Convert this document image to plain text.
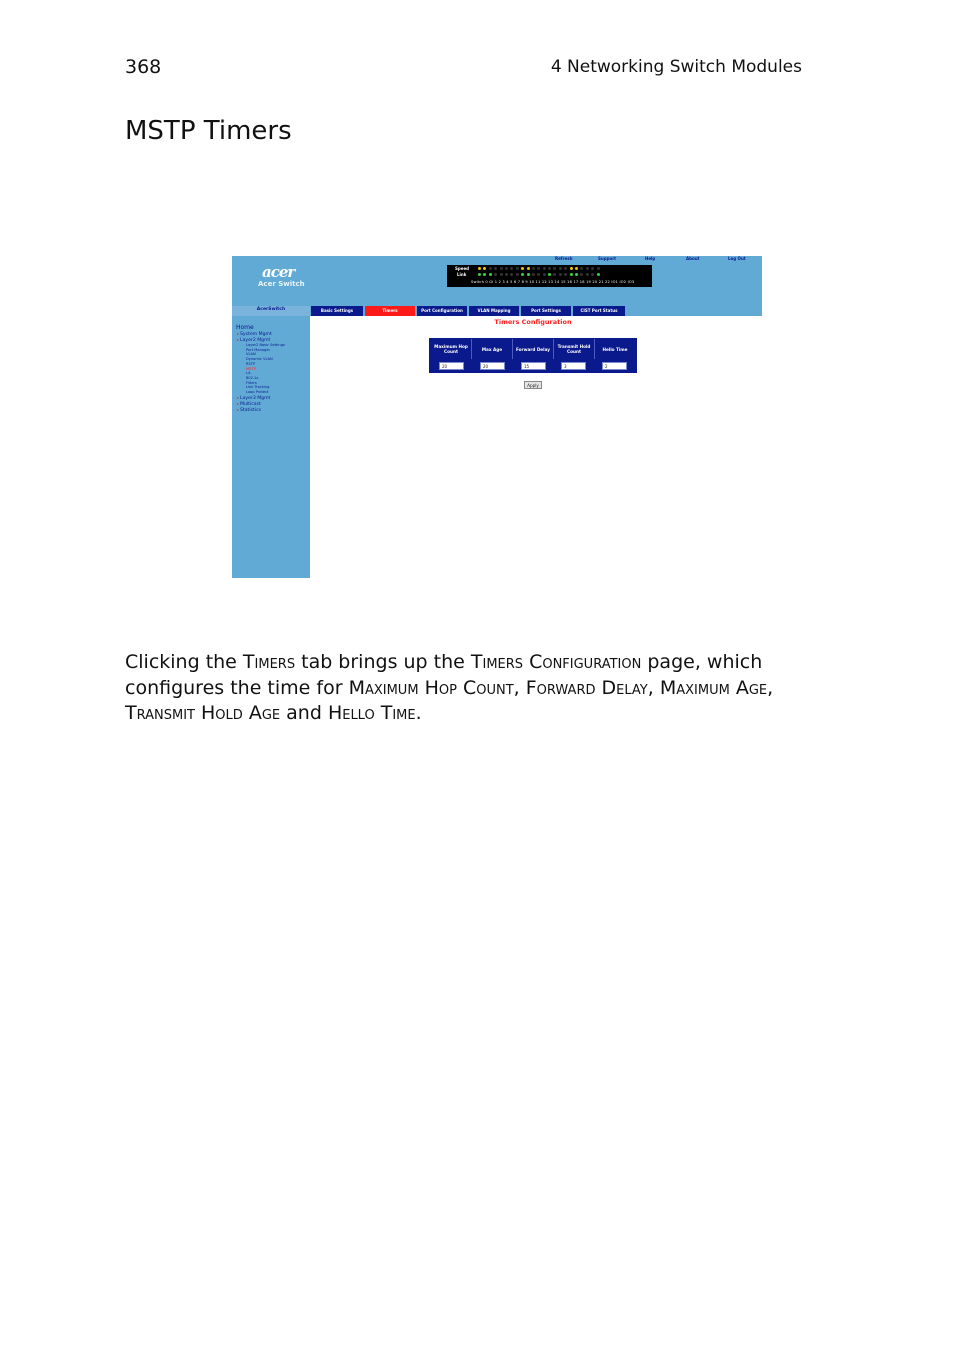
368	4 Networking Switch Modules
MSTP Timers
acer
Acer Switch
Refresh	Support	Help	About	Log Out
Speed
Link
Switch 0 Gi 1 2 3 4 5 6 7 8 9 10 11 12 13 14 15 16 17 18 19 20 21 22 IO1 IO2 IO3
AcerSwitch
Home
▸System Mgmt
▸Layer2 Mgmt
Layer2 Basic Settings
Port Manager
VLAN
Dynamic VLAN
RSTP
MSTP
LA
802.1x
Filters
Link Tracking
Loop Protect
▸Layer3 Mgmt
▸Multicast
▸Statistics
Basic Settings	Timers	Port Configuration	VLAN Mapping	Port Settings	CIST Port Status
Timers Configuration
Maximum Hop Count	Max Age	Forward Delay	Transmit Hold Count	Hello Time
20	20	15	3	2
Apply

Clicking the Timers tab brings up the Timers Configuration page, which configures the time for Maximum Hop Count, Forward Delay, Maximum Age, Transmit Hold Age and Hello Time.
